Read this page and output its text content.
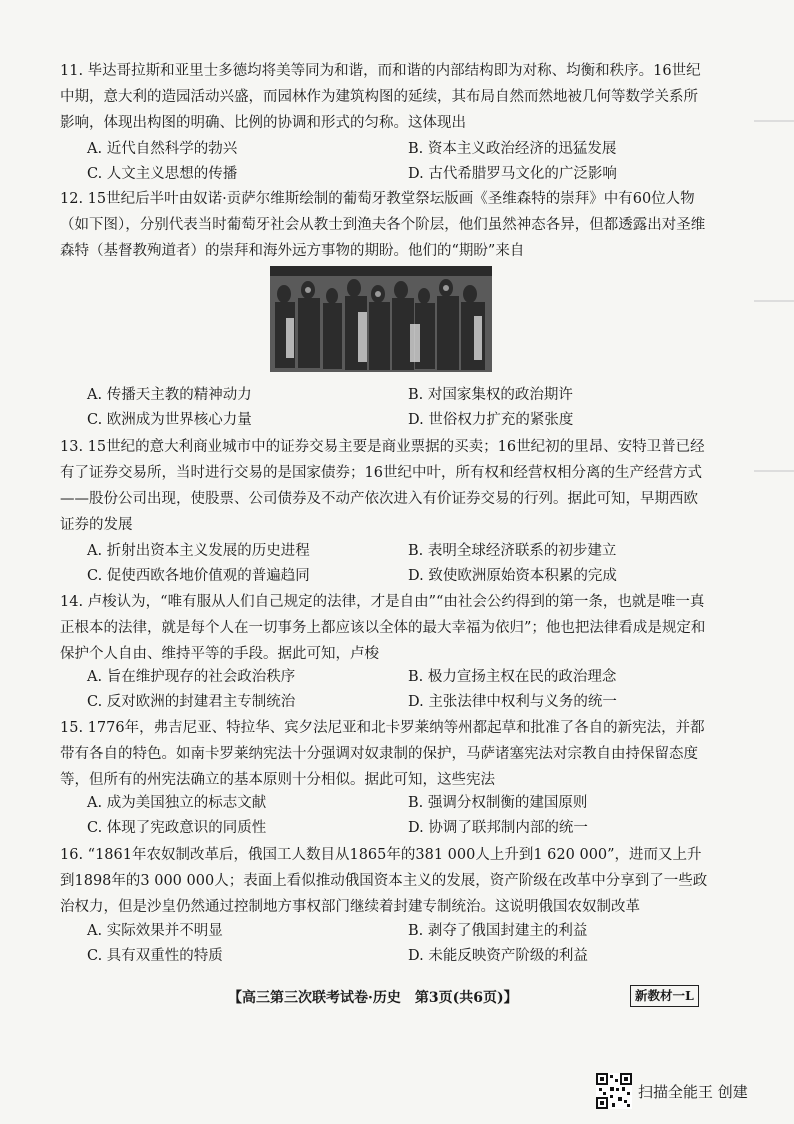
11. 毕达哥拉斯和亚里士多德均将美等同为和谐，而和谐的内部结构即为对称、均衡和秩序。16世纪中期，意大利的造园活动兴盛，而园林作为建筑构图的延续，其布局自然而然地被几何等数学关系所影响，体现出构图的明确、比例的协调和形式的匀称。这体现出

A. 近代自然科学的勃兴	B. 资本主义政治经济的迅猛发展
C. 人文主义思想的传播	D. 古代希腊罗马文化的广泛影响

12. 15世纪后半叶由奴诺·贡萨尔维斯绘制的葡萄牙教堂祭坛版画《圣维森特的崇拜》中有60位人物（如下图），分别代表当时葡萄牙社会从教士到渔夫各个阶层，他们虽然神态各异，但都透露出对圣维森特（基督教殉道者）的崇拜和海外远方事物的期盼。他们的“期盼”来自

A. 传播天主教的精神动力	B. 对国家集权的政治期许
C. 欧洲成为世界核心力量	D. 世俗权力扩充的紧张度

13. 15世纪的意大利商业城市中的证券交易主要是商业票据的买卖；16世纪初的里昂、安特卫普已经有了证券交易所，当时进行交易的是国家债券；16世纪中叶，所有权和经营权相分离的生产经营方式——股份公司出现，使股票、公司债券及不动产依次进入有价证券交易的行列。据此可知，早期西欧证券的发展

A. 折射出资本主义发展的历史进程	B. 表明全球经济联系的初步建立
C. 促使西欧各地价值观的普遍趋同	D. 致使欧洲原始资本积累的完成

14. 卢梭认为，“唯有服从人们自己规定的法律，才是自由”“由社会公约得到的第一条，也就是唯一真正根本的法律，就是每个人在一切事务上都应该以全体的最大幸福为依归”；他也把法律看成是规定和保护个人自由、维持平等的手段。据此可知，卢梭

A. 旨在维护现存的社会政治秩序	B. 极力宣扬主权在民的政治理念
C. 反对欧洲的封建君主专制统治	D. 主张法律中权利与义务的统一

15. 1776年，弗吉尼亚、特拉华、宾夕法尼亚和北卡罗莱纳等州都起草和批准了各自的新宪法，并都带有各自的特色。如南卡罗莱纳宪法十分强调对奴隶制的保护，马萨诸塞宪法对宗教自由持保留态度等，但所有的州宪法确立的基本原则十分相似。据此可知，这些宪法

A. 成为美国独立的标志文献	B. 强调分权制衡的建国原则
C. 体现了宪政意识的同质性	D. 协调了联邦制内部的统一

16. “1861年农奴制改革后，俄国工人数目从1865年的381 000人上升到1 620 000”，进而又上升到1898年的3 000 000人；表面上看似推动俄国资本主义的发展，资产阶级在改革中分享到了一些政治权力，但是沙皇仍然通过控制地方事权部门继续着封建专制统治。这说明俄国农奴制改革

A. 实际效果并不明显	B. 剥夺了俄国封建主的利益
C. 具有双重性的特质	D. 未能反映资产阶级的利益
【高三第三次联考试卷·历史　第3页(共6页)】	新教材一L
扫描全能王 创建
